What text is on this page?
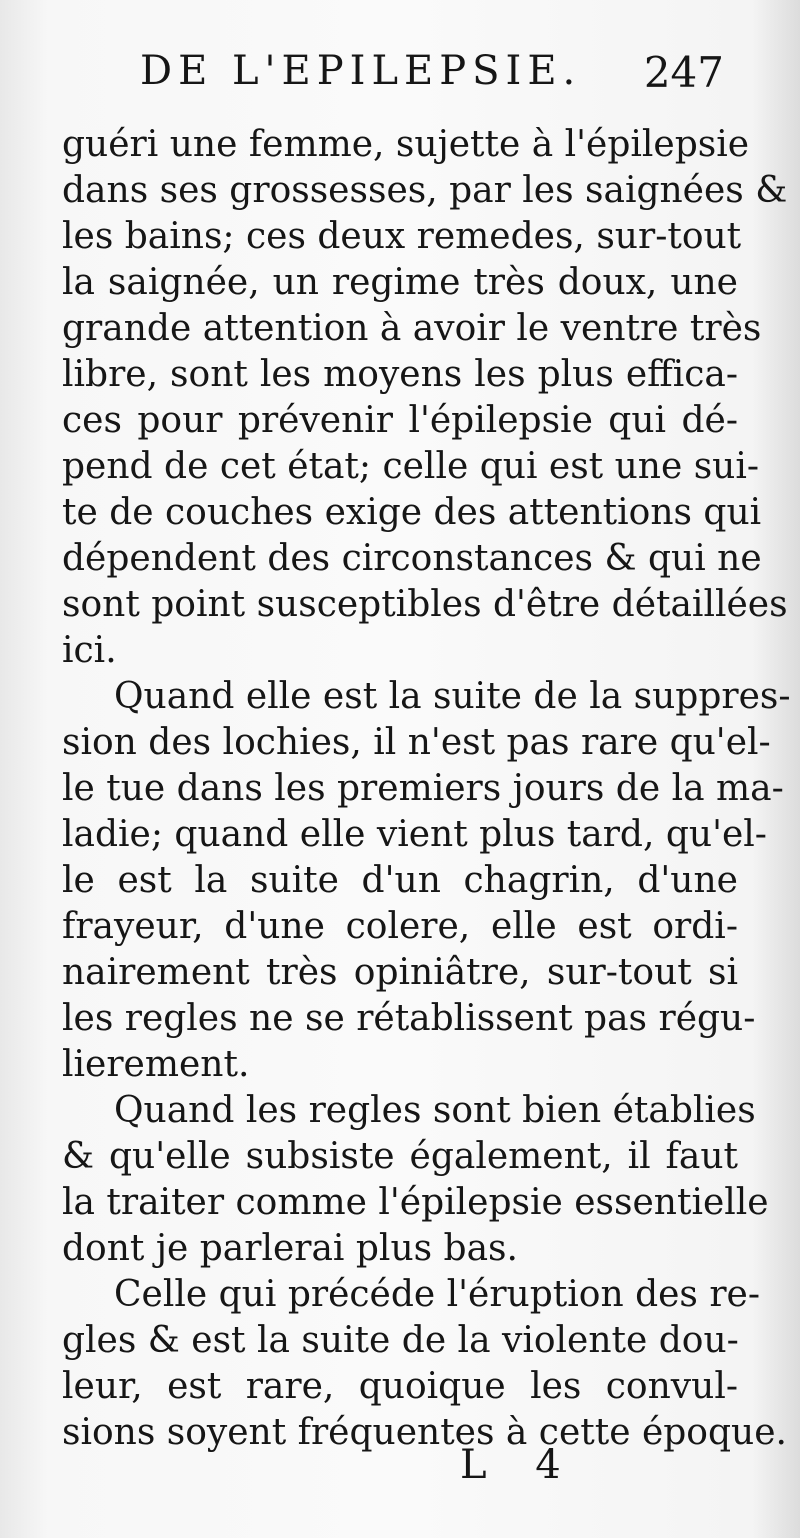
DE L'EPILEPSIE. 247
guéri une femme, sujette à l'épilepsie
dans ses grossesses, par les saignées &
les bains; ces deux remedes, sur-tout
la saignée, un regime très doux, une
grande attention à avoir le ventre très
libre, sont les moyens les plus effica-
ces pour prévenir l'épilepsie qui dé-
pend de cet état; celle qui est une sui-
te de couches exige des attentions qui
dépendent des circonstances & qui ne
sont point susceptibles d'être détaillées
ici.
Quand elle est la suite de la suppres-
sion des lochies, il n'est pas rare qu'el-
le tue dans les premiers jours de la ma-
ladie; quand elle vient plus tard, qu'el-
le est la suite d'un chagrin, d'une
frayeur, d'une colere, elle est ordi-
nairement très opiniâtre, sur-tout si
les regles ne se rétablissent pas régu-
lierement.
Quand les regles sont bien établies
& qu'elle subsiste également, il faut
la traiter comme l'épilepsie essentielle
dont je parlerai plus bas.
Celle qui précéde l'éruption des re-
gles & est la suite de la violente dou-
leur, est rare, quoique les convul-
sions soyent fréquentes à cette époque.
L 4
